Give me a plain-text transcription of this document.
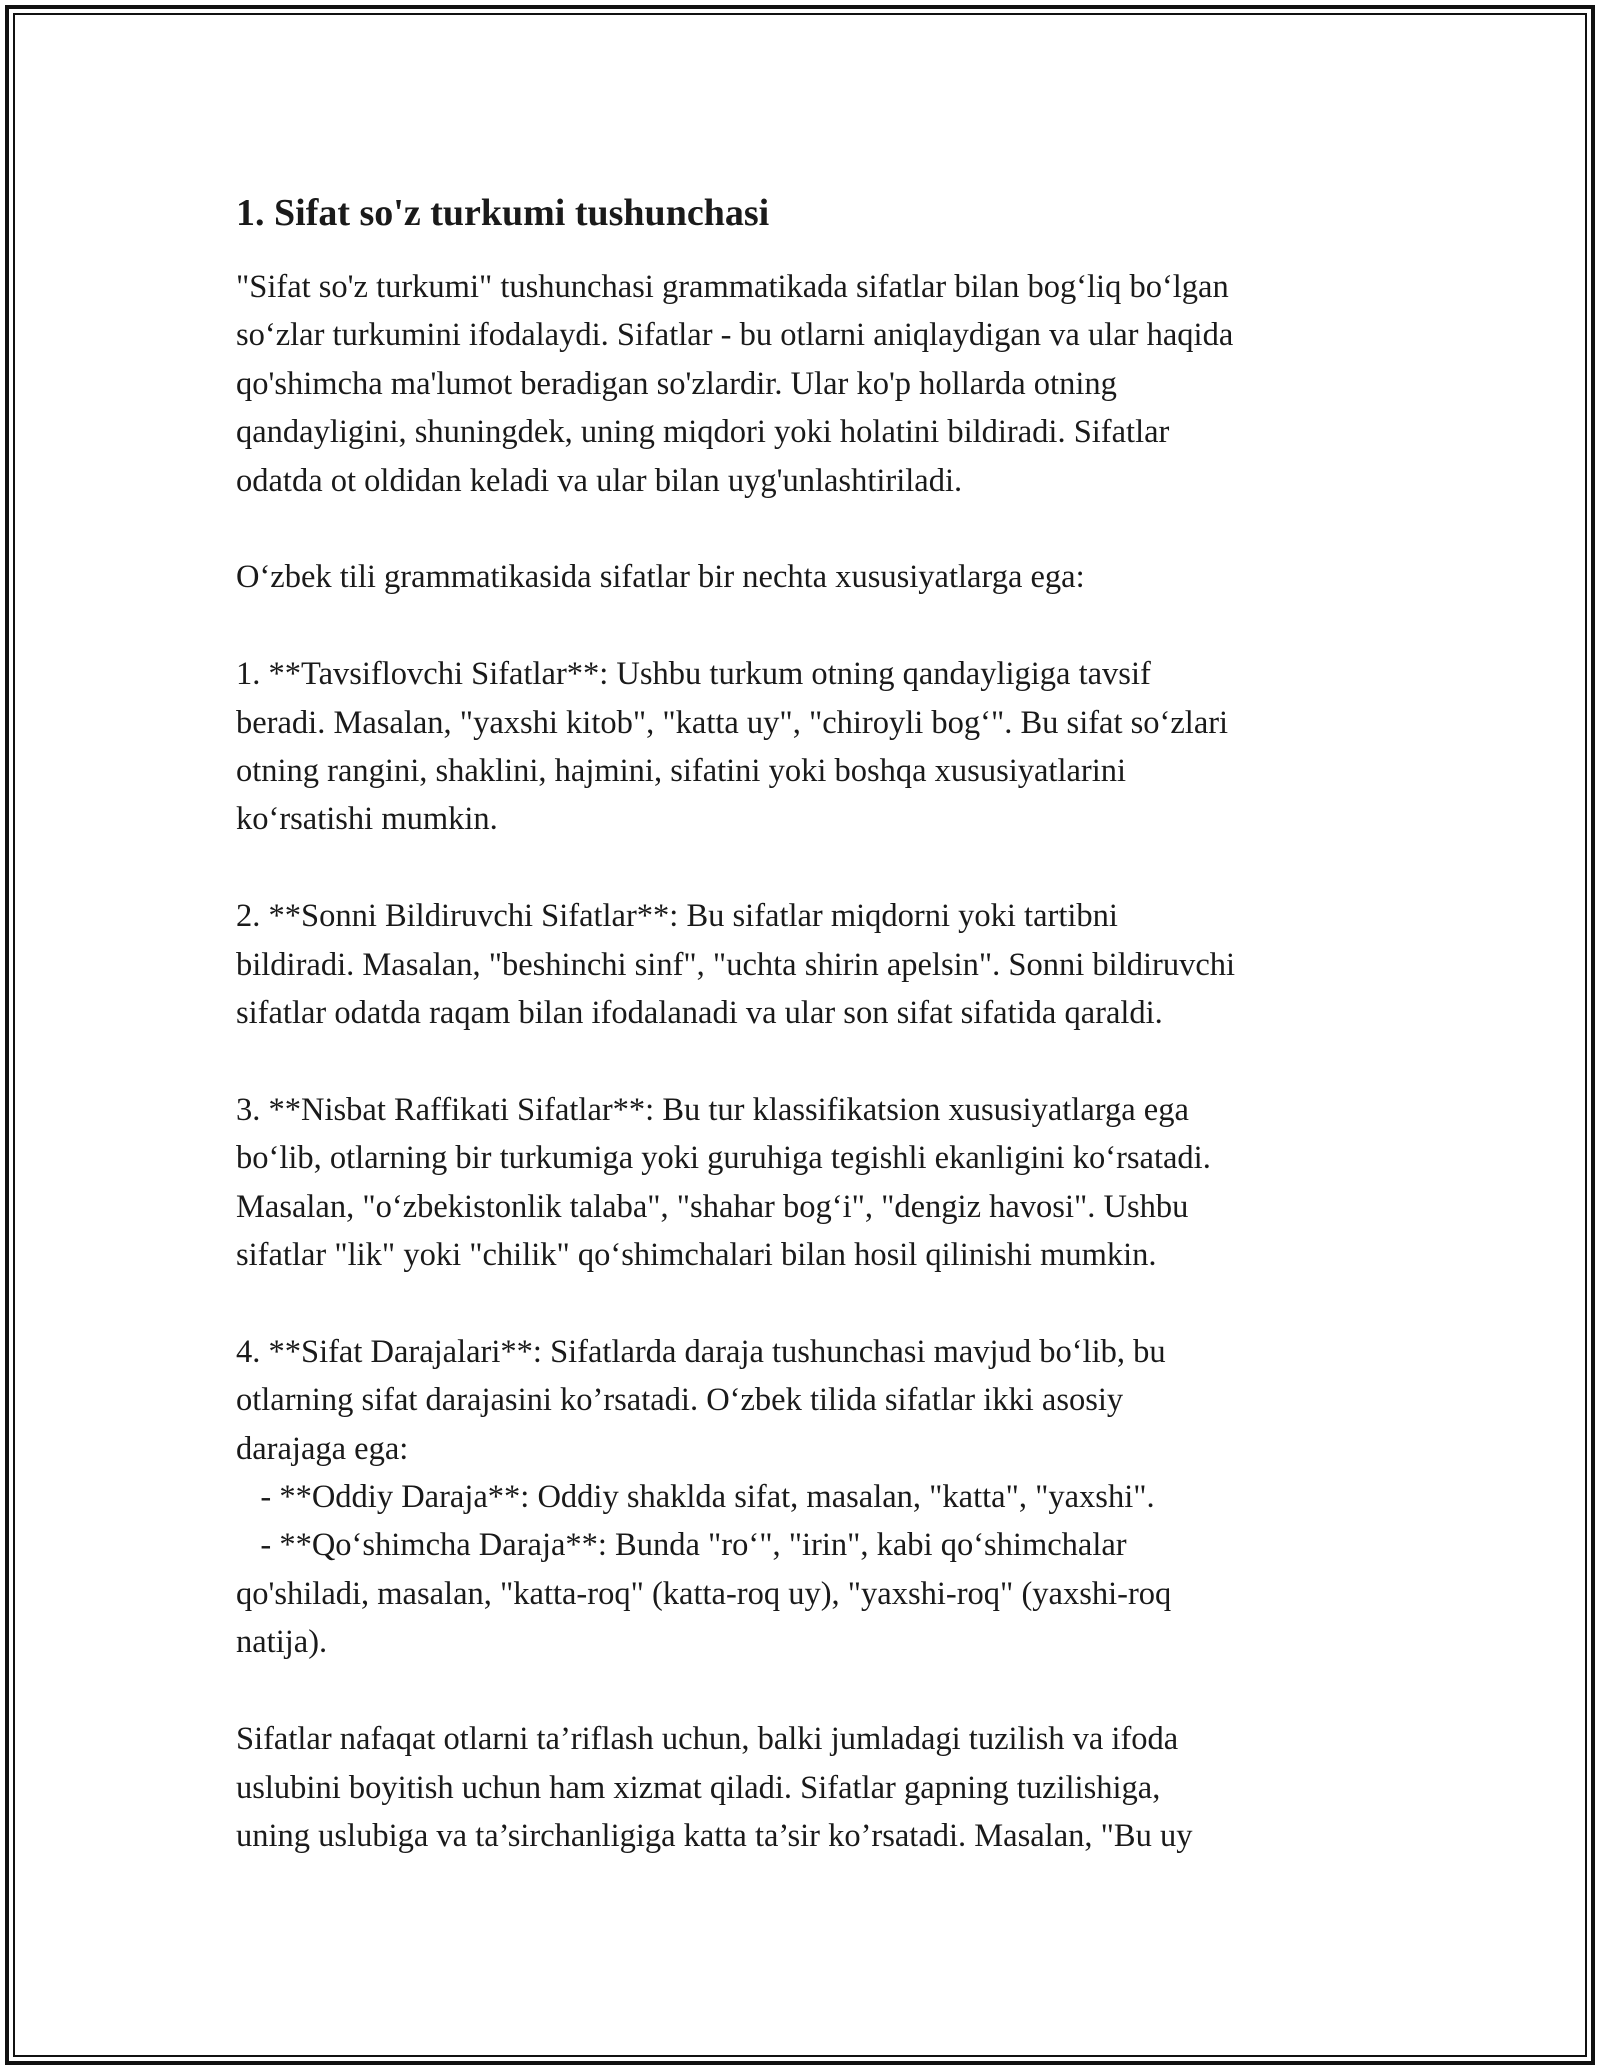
1. Sifat so'z turkumi tushunchasi
"Sifat so'z turkumi" tushunchasi grammatikada sifatlar bilan bog‘liq bo‘lgan
so‘zlar turkumini ifodalaydi. Sifatlar - bu otlarni aniqlaydigan va ular haqida
qo'shimcha ma'lumot beradigan so'zlardir. Ular ko'p hollarda otning
qandayligini, shuningdek, uning miqdori yoki holatini bildiradi. Sifatlar
odatda ot oldidan keladi va ular bilan uyg'unlashtiriladi.
O‘zbek tili grammatikasida sifatlar bir nechta xususiyatlarga ega:
1. **Tavsiflovchi Sifatlar**: Ushbu turkum otning qandayligiga tavsif
beradi. Masalan, "yaxshi kitob", "katta uy", "chiroyli bog‘". Bu sifat so‘zlari
otning rangini, shaklini, hajmini, sifatini yoki boshqa xususiyatlarini
ko‘rsatishi mumkin.
2. **Sonni Bildiruvchi Sifatlar**: Bu sifatlar miqdorni yoki tartibni
bildiradi. Masalan, "beshinchi sinf", "uchta shirin apelsin". Sonni bildiruvchi
sifatlar odatda raqam bilan ifodalanadi va ular son sifat sifatida qaraldi.
3. **Nisbat Raffikati Sifatlar**: Bu tur klassifikatsion xususiyatlarga ega
bo‘lib, otlarning bir turkumiga yoki guruhiga tegishli ekanligini ko‘rsatadi.
Masalan, "o‘zbekistonlik talaba", "shahar bog‘i", "dengiz havosi". Ushbu
sifatlar "lik" yoki "chilik" qo‘shimchalari bilan hosil qilinishi mumkin.
4. **Sifat Darajalari**: Sifatlarda daraja tushunchasi mavjud bo‘lib, bu
otlarning sifat darajasini ko’rsatadi. O‘zbek tilida sifatlar ikki asosiy
darajaga ega:
- **Oddiy Daraja**: Oddiy shakldа sifat, masalan, "katta", "yaxshi".
- **Qo‘shimcha Daraja**: Bunda "ro‘", "irin", kabi qo‘shimchalar
qo'shiladi, masalan, "katta-roq" (katta-roq uy), "yaxshi-roq" (yaxshi-roq
natija).
Sifatlar nafaqat otlarni ta’riflash uchun, balki jumladagi tuzilish va ifoda
uslubini boyitish uchun ham xizmat qiladi. Sifatlar gapning tuzilishiga,
uning uslubiga va ta’sirchanligiga katta ta’sir ko’rsatadi. Masalan, "Bu uy
